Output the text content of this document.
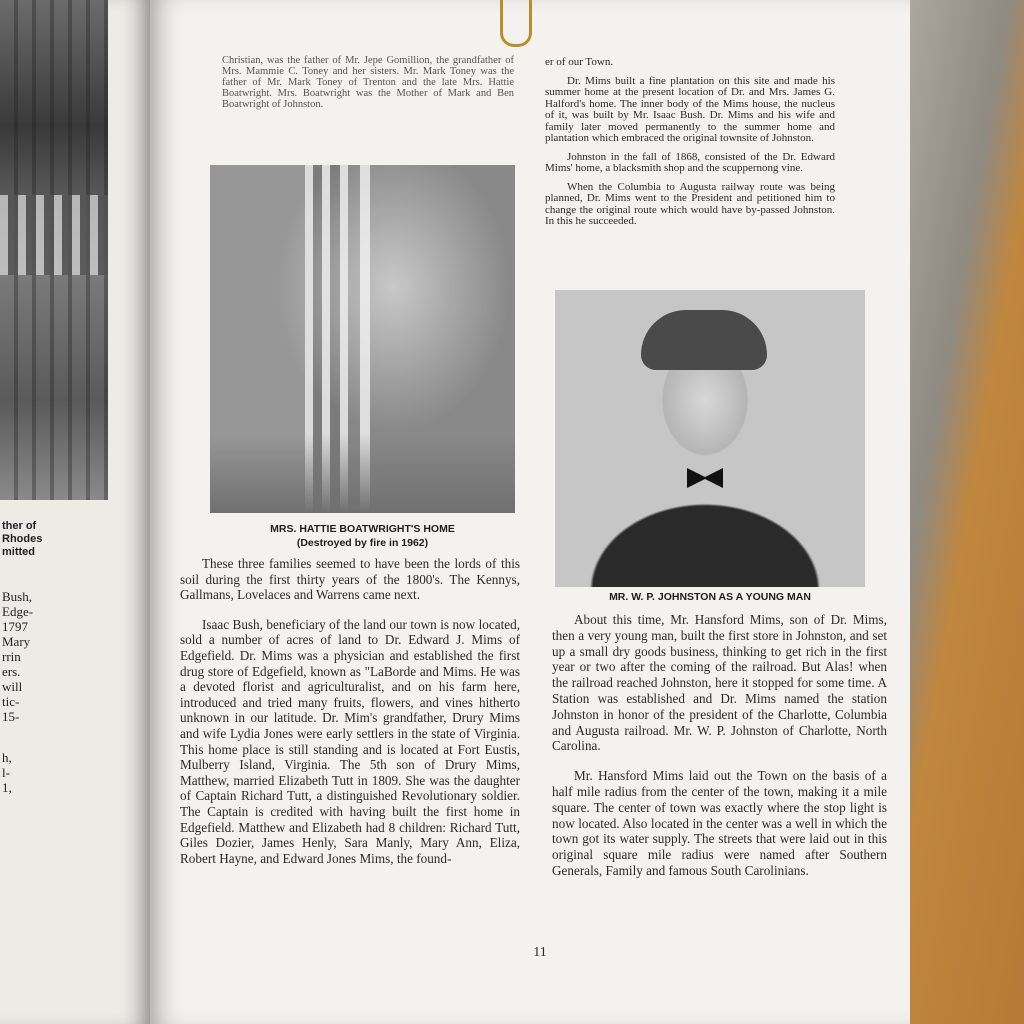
ther of
Rhodes
mitted
Bush,
Edge-
1797
Mary
rrin
ers.
will
tic-
15-
h,
l-
1,

Christian, was the father of Mr. Jepe Gomillion, the grandfather of Mrs. Mammie C. Toney and her sisters. Mr. Mark Toney was the father of Mr. Mark Toney of Trenton and the late Mrs. Hattie Boatwright. Mrs. Boatwright was the Mother of Mark and Ben Boatwright of Johnston.

MRS. HATTIE BOATWRIGHT'S HOME
(Destroyed by fire in 1962)

These three families seemed to have been the lords of this soil during the first thirty years of the 1800's. The Kennys, Gallmans, Lovelaces and Warrens came next.

Isaac Bush, beneficiary of the land our town is now located, sold a number of acres of land to Dr. Edward J. Mims of Edgefield. Dr. Mims was a physician and established the first drug store of Edgefield, known as "LaBorde and Mims. He was a devoted florist and agriculturalist, and on his farm here, introduced and tried many fruits, flowers, and vines hitherto unknown in our latitude. Dr. Mim's grandfather, Drury Mims and wife Lydia Jones were early settlers in the state of Virginia. This home place is still standing and is located at Fort Eustis, Mulberry Island, Virginia. The 5th son of Drury Mims, Matthew, married Elizabeth Tutt in 1809. She was the daughter of Captain Richard Tutt, a distinguished Revolutionary soldier. The Captain is credited with having built the first home in Edgefield. Matthew and Elizabeth had 8 children: Richard Tutt, Giles Dozier, James Henly, Sara Manly, Mary Ann, Eliza, Robert Hayne, and Edward Jones Mims, the found-

er of our Town.

Dr. Mims built a fine plantation on this site and made his summer home at the present location of Dr. and Mrs. James G. Halford's home. The inner body of the Mims house, the nucleus of it, was built by Mr. Isaac Bush. Dr. Mims and his wife and family later moved permanently to the summer home and plantation which embraced the original townsite of Johnston.

Johnston in the fall of 1868, consisted of the Dr. Edward Mims' home, a blacksmith shop and the scuppernong vine.

When the Columbia to Augusta railway route was being planned, Dr. Mims went to the President and petitioned him to change the original route which would have by-passed Johnston. In this he succeeded.

MR. W. P. JOHNSTON AS A YOUNG MAN

About this time, Mr. Hansford Mims, son of Dr. Mims, then a very young man, built the first store in Johnston, and set up a small dry goods business, thinking to get rich in the first year or two after the coming of the railroad. But Alas! when the railroad reached Johnston, here it stopped for some time. A Station was established and Dr. Mims named the station Johnston in honor of the president of the Charlotte, Columbia and Augusta railroad. Mr. W. P. Johnston of Charlotte, North Carolina.

Mr. Hansford Mims laid out the Town on the basis of a half mile radius from the center of the town, making it a mile square. The center of town was exactly where the stop light is now located. Also located in the center was a well in which the town got its water supply. The streets that were laid out in this original square mile radius were named after Southern Generals, Family and famous South Carolinians.

11
